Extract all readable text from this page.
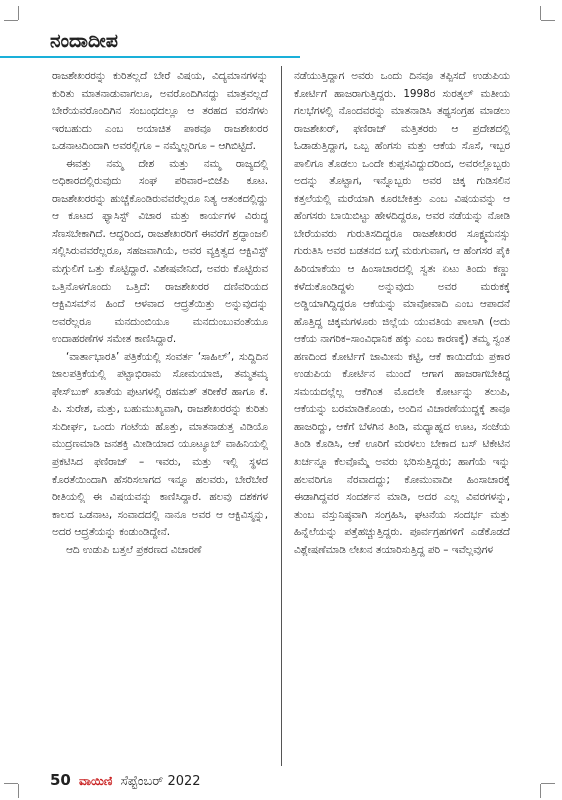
ನಂದಾದೀಪ

ರಾಜಶೇಖರರನ್ನು ಕುರಿತಲ್ಲದೆ ಬೇರೆ ವಿಷಯ, ವಿದ್ಯಮಾನಗಳನ್ನು ಕುರಿತು ಮಾತನಾಡುವಾಗಲೂ, ಅವರೊಂದಿಗಿನದ್ದು ಮಾತ್ರವಲ್ಲದೆ ಬೇರೆಯವರೊಂದಿಗಿನ ಸಂಬಂಧದಲ್ಲೂ ಆ ತರಹದ ವರಸೆಗಳು ಇರಬಹುದು ಎಂಬ ಅಯಾಚಿತ ಪಾಠವೂ ರಾಜಶೇಖರರ ಒಡನಾಟದಿಂದಾಗಿ ಅವರಲ್ಲಿಗೂ – ನಮ್ಮೆಲ್ಲರಿಗೂ – ಆಗಿಬಿಟ್ಟಿದೆ.

ಈವತ್ತು ನಮ್ಮ ದೇಶ ಮತ್ತು ನಮ್ಮ ರಾಜ್ಯದಲ್ಲಿ ಅಧಿಕಾರದಲ್ಲಿರುವುದು ಸಂಘ ಪರಿವಾರ–ಬಿಜೆಪಿ ಕೂಟ. ರಾಜಶೇಖರರನ್ನು ಹುಚ್ಚೆಕೊಂಡಿರುವವರೆಲ್ಲರೂ ನಿತ್ಯ ಆತಂಕದಲ್ಲಿದ್ದು ಆ ಕೂಟದ ಫ್ಯಾಸಿಸ್ಟ್ ವಿಚಾರ ಮತ್ತು ಕಾರ್ಯಗಳ ವಿರುದ್ಧ ಸೆಣಸಬೇಕಾಗಿದೆ. ಆದ್ದರಿಂದ, ರಾಜಶೇಖರರಿಗೆ ಈವರೆಗೆ ಶ್ರದ್ಧಾಂಜಲಿ ಸಲ್ಲಿಸಿರುವವರೆಲ್ಲರೂ, ಸಹಜವಾಗಿಯೆ, ಅವರ ವ್ಯಕ್ತಿತ್ವದ ಆಕ್ಟಿವಿಸ್ಟ್ ಮಗ್ಗುಲಿಗೆ ಒತ್ತು ಕೊಟ್ಟಿದ್ದಾರೆ. ವಿಶೇಷವೇನಿದೆ, ಅವರು ಕೊಟ್ಟಿರುವ ಒತ್ತಿನೊಳಗೊಂದು ಒತ್ತಿದೆ: ರಾಜಶೇಖರರ ದಣಿವರಿಯದ ಆಕ್ಟಿವಿಸಮ್‌ನ ಹಿಂದೆ ಆಳವಾದ ಆದ್ರ್ರತೆಯಿತ್ತು ಅನ್ನುವುದನ್ನು ಅವರೆಲ್ಲರೂ ಮನದುಂಬಿಯೂ ಮನದುಂಬುವಂತೆಯೂ ಉದಾಹರಣೆಗಳ ಸಮೇತ ಕಾಣಿಸಿದ್ದಾರೆ.

‘ವಾರ್ತಾಭಾರತಿ’ ಪತ್ರಿಕೆಯಲ್ಲಿ ಸಂವರ್ತ ‘ಸಾಹಿಲ್’, ಸುದ್ದಿದಿನ ಜಾಲಪತ್ರಿಕೆಯಲ್ಲಿ ಪಟ್ಟಾಭಿರಾಮ ಸೋಮಯಾಜಿ, ತಮ್ಮತಮ್ಮ ಫೇಸ್‌ಬುಕ್ ಖಾತೆಯ ಪುಟಗಳಲ್ಲಿ ರಹಮತ್ ತರೀಕೆರೆ ಹಾಗೂ ಕೆ. ಪಿ. ಸುರೇಶ, ಮತ್ತು, ಬಹುಮುಖ್ಯವಾಗಿ, ರಾಜಶೇಖರರನ್ನು ಕುರಿತು ಸುದೀರ್ಘ, ಒಂದು ಗಂಟೆಯ ಹೊತ್ತು, ಮಾತನಾಡುತ್ತ ವಿಡಿಯೊ ಮುದ್ರಣಮಾಡಿ ಜನಶಕ್ತಿ ಮೀಡಿಯಾದ ಯೂಟ್ಯೂಬ್ ವಾಹಿನಿಯಲ್ಲಿ ಪ್ರಕಟಿಸಿದ ಫಣಿರಾಜ್ – ಇವರು, ಮತ್ತು ಇಲ್ಲಿ ಸ್ಥಳದ ಕೊರತೆಯಿಂದಾಗಿ ಹೆಸರಿಸಲಾಗದ ಇನ್ನೂ ಹಲವರು, ಬೇರೆಬೇರೆ ರೀತಿಯಲ್ಲಿ ಈ ವಿಷಯವನ್ನು ಕಾಣಿಸಿದ್ದಾರೆ. ಹಲವು ದಶಕಗಳ ಕಾಲದ ಒಡನಾಟ, ಸಂವಾದದಲ್ಲಿ ನಾನೂ ಅವರ ಆ ಆಕ್ಟಿವಿಸ್ಮನ್ನು, ಅದರ ಆದ್ರ್ರತೆಯನ್ನು ಕಂಡುಂಡಿದ್ದೇನೆ.

ಆದಿ ಉಡುಪಿ ಬತ್ತಲೆ ಪ್ರಕರಣದ ವಿಚಾರಣೆ

ನಡೆಯುತ್ತಿದ್ದಾಗ ಅವರು ಒಂದು ದಿನವೂ ತಪ್ಪಿಸದೆ ಉಡುಪಿಯ ಕೋರ್ಟಿಗೆ ಹಾಜರಾಗುತ್ತಿದ್ದರು. 1998ರ ಸುರತ್ಕಲ್ ಮತೀಯ ಗಲಭೆಗಳಲ್ಲಿ ನೊಂದವರನ್ನು ಮಾತನಾಡಿಸಿ ತಥ್ಯಸಂಗ್ರಹ ಮಾಡಲು ರಾಜಶೇಖರ್, ಫಣಿರಾಜ್ ಮತ್ತಿತರರು ಆ ಪ್ರದೇಶದಲ್ಲಿ ಓಡಾಡುತ್ತಿದ್ದಾಗ, ಒಬ್ಬ ಹೆಂಗಸು ಮತ್ತು ಆಕೆಯ ಸೊಸೆ, ಇಬ್ಬರ ಪಾಲಿಗೂ ತೊಡಲು ಒಂದೇ ಕುಪ್ಪಸವಿದ್ದುದರಿಂದ, ಅವರಲ್ಲೊಬ್ಬರು ಅದನ್ನು ತೊಟ್ಟಾಗ, ಇನ್ನೊಬ್ಬರು ಅವರ ಚಿಕ್ಕ ಗುಡಿಸಲಿನ ಕತ್ತಲೆಯಲ್ಲಿ ಮರೆಯಾಗಿ ಕೂರಬೇಕಿತ್ತು ಎಂಬ ವಿಷಯವನ್ನು ಆ ಹೆಂಗಸರು ಬಾಯಿಬಿಟ್ಟು ಹೇಳದಿದ್ದರೂ, ಅವರ ನಡೆಯನ್ನು ನೋಡಿ ಬೇರೆಯವರು ಗುರುತಿಸದಿದ್ದರೂ ರಾಜಶೇಖರರ ಸೂಕ್ಷ್ಮಮನಸ್ಸು ಗುರುತಿಸಿ ಅವರ ಬಡತನದ ಬಗ್ಗೆ ಮರುಗುವಾಗ, ಆ ಹೆಂಗಸರ ಪೈಕಿ ಹಿರಿಯಾಕೆಯು ಆ ಹಿಂಸಾಚಾರದಲ್ಲಿ ಸ್ವತಃ ಏಟು ತಿಂದು ಕಣ್ಣು ಕಳೆದುಕೊಂಡಿದ್ದಳು ಅನ್ನುವುದು ಅವರ ಮರುಕಕ್ಕೆ ಅಡ್ಡಿಯಾಗಿದ್ದಿದ್ದರೂ ಆಕೆಯನ್ನು ಮಾವೋವಾದಿ ಎಂಬ ಆಪಾದನೆ ಹೊತ್ತಿದ್ದ ಚಿಕ್ಕಮಗಳೂರು ಜಿಲ್ಲೆಯ ಯುವತಿಯ ಪಾಲಾಗಿ (ಅದು ಆಕೆಯ ನಾಗರಿಕ–ಸಾಂವಿಧಾನಿಕ ಹಕ್ಕು ಎಂಬ ಕಾರಣಕ್ಕೆ) ತಮ್ಮ ಸ್ವಂತ ಹಣದಿಂದ ಕೋರ್ಟಿಗೆ ಜಾಮೀನು ಕಟ್ಟಿ, ಆಕೆ ಕಾಯಿದೆಯ ಪ್ರಕಾರ ಉಡುಪಿಯ ಕೋರ್ಟಿನ ಮುಂದೆ ಆಗಾಗ ಹಾಜರಾಗಬೇಕಿದ್ದ ಸಮಯದಲ್ಲೆಲ್ಲ ಆಕೆಗಿಂತ ಮೊದಲೇ ಕೋರ್ಟನ್ನು ತಲುಪಿ, ಆಕೆಯನ್ನು ಬರಮಾಡಿಕೊಂಡು, ಅಂದಿನ ವಿಚಾರಣೆಯುದ್ದಕ್ಕೆ ತಾವೂ ಹಾಜರಿದ್ದು, ಆಕೆಗೆ ಬೆಳಗಿನ ತಿಂಡಿ, ಮಧ್ಯಾಹ್ನದ ಊಟ, ಸಂಜೆಯ ತಿಂಡಿ ಕೊಡಿಸಿ, ಆಕೆ ಊರಿಗೆ ಮರಳಲು ಬೇಕಾದ ಬಸ್ ಟಿಕೇಟಿನ ಖರ್ಚನ್ನೂ ಕೆಲವೊಮ್ಮೆ ಅವರು ಭರಿಸುತ್ತಿದ್ದರು; ಹಾಗೆಯೆ ಇನ್ನು ಹಲವರಿಗೂ ನೆರವಾದದ್ದು; ಕೋಮುವಾದೀ ಹಿಂಸಾಚಾರಕ್ಕೆ ಈಡಾಗಿದ್ದವರ ಸಂದರ್ಶನ ಮಾಡಿ, ಅದರ ಎಲ್ಲ ವಿವರಗಳನ್ನು, ತುಂಬ ವಸ್ತುನಿಷ್ಠವಾಗಿ ಸಂಗ್ರಹಿಸಿ, ಘಟನೆಯ ಸಂದರ್ಭ ಮತ್ತು ಹಿನ್ನೆಲೆಯನ್ನು ಪತ್ತೆಹಚ್ಚುತ್ತಿದ್ದರು. ಪೂರ್ವಗ್ರಹಗಳಿಗೆ ಎಡೆಕೊಡದೆ ವಿಶ್ಲೇಷಣೆಮಾಡಿ ಲೇಖನ ತಯಾರಿಸುತ್ತಿದ್ದ ಪರಿ – ಇವೆಲ್ಲವುಗಳ

50 ವಾಯಿಣಿ ಸೆಪ್ಟೆಂಬರ್ 2022
